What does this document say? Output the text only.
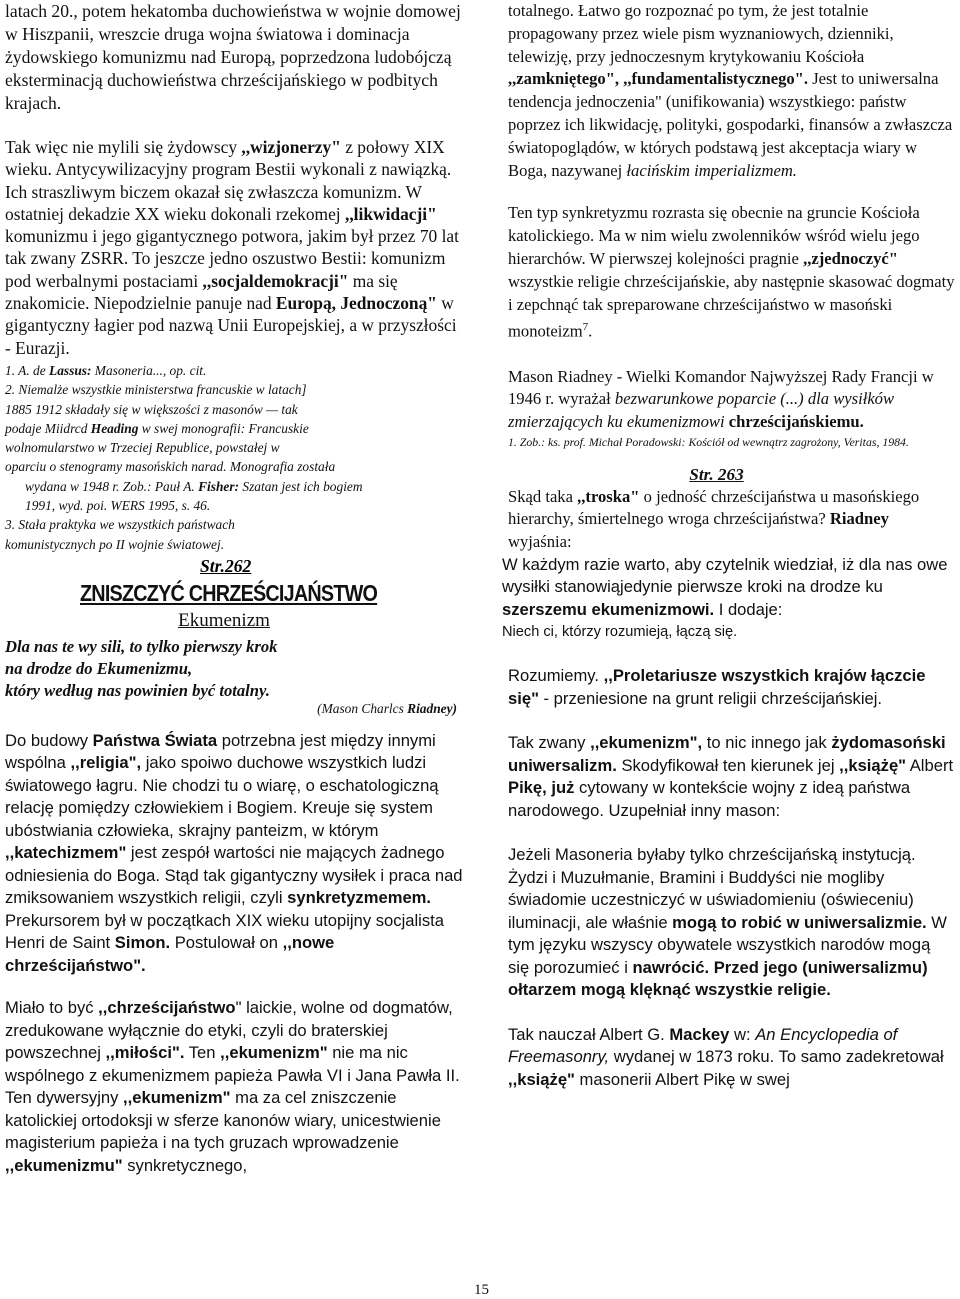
latach 20., potem hekatomba duchowieństwa w wojnie domowej w Hiszpanii, wreszcie druga wojna światowa i dominacja żydowskiego komunizmu nad Europą, poprzedzona ludobójczą eksterminacją duchowieństwa chrześcijańskiego w podbitych krajach.

Tak więc nie mylili się żydowscy ,,wizjonerzy" z połowy XIX wieku. Antycywilizacyjny program Bestii wykonali z nawiązką. Ich straszliwym biczem okazał się zwłaszcza komunizm. W ostatniej dekadzie XX wieku dokonali rzekomej ,,likwidacji" komunizmu i jego gigantycznego potwora, jakim był przez 70 lat tak zwany ZSRR. To jeszcze jedno oszustwo Bestii: komunizm pod werbalnymi postaciami ,,socjaldemokracji" ma się znakomicie. Niepodzielnie panuje nad Europą, Jednoczoną" w gigantyczny łagier pod nazwą Unii Europejskiej, a w przyszłości - Eurazji.

1. A. de Lassus: Masoneria..., op. cit.

2. Niemalże wszystkie ministerstwa francuskie w latach]

1885 1912 składały się w większości z masonów — tak

podaje Miidrcd Heading w swej monografii: Francuskie

wolnomularstwo w Trzeciej Republice, powstałej w

oparciu o stenogramy masońskich narad. Monografia została

wydana w 1948 r. Zob.: Pauł A. Fisher: Szatan jest ich bogiem

1991, wyd. poi. WERS 1995, s. 46.

3. Stała praktyka we wszystkich państwach

komunistycznych po II wojnie światowej.

Str.262

ZNISZCZYĆ CHRZEŚCIJAŃSTWO

Ekumenizm

Dla nas te wy sili, to tylko pierwszy krok

na drodze do Ekumenizmu,

który według nas powinien być totalny.

(Mason Charlcs Riadney)

Do budowy Państwa Świata potrzebna jest między innymi wspólna ,,religia", jako spoiwo duchowe wszystkich ludzi światowego łagru. Nie chodzi tu o wiarę, o eschatologiczną relację pomiędzy człowiekiem i Bogiem. Kreuje się system ubóstwiania człowieka, skrajny panteizm, w którym ,,katechizmem" jest zespół wartości nie mających żadnego odniesienia do Boga. Stąd tak gigantyczny wysiłek i praca nad zmiksowaniem wszystkich religii, czyli synkretyzmemem. Prekursorem był w początkach XIX wieku utopijny socjalista Henri de Saint Simon. Postulował on ,,nowe chrześcijaństwo".

Miało to być ,,chrześcijaństwo" laickie, wolne od dogmatów, zredukowane wyłącznie do etyki, czyli do braterskiej powszechnej ,,miłości". Ten ,,ekumenizm" nie ma nic wspólnego z ekumenizmem papieża Pawła VI i Jana Pawła II. Ten dywersyjny ,,ekumenizm" ma za cel zniszczenie katolickiej ortodoksji w sferze kanonów wiary, unicestwienie magisterium papieża i na tych gruzach wprowadzenie ,,ekumenizmu" synkretycznego,

totalnego. Łatwo go rozpoznać po tym, że jest totalnie propagowany przez wiele pism wyznaniowych, dzienniki, telewizję, przy jednoczesnym krytykowaniu Kościoła ,,zamkniętego", ,,fundamentalistycznego". Jest to uniwersalna tendencja jednoczenia" (unifikowania) wszystkiego: państw poprzez ich likwidację, polityki, gospodarki, finansów a zwłaszcza światopoglądów, w których podstawą jest akceptacja wiary w Boga, nazywanej łacińskim imperializmem.

Ten typ synkretyzmu rozrasta się obecnie na gruncie Kościoła katolickiego. Ma w nim wielu zwolenników wśród wielu jego hierarchów. W pierwszej kolejności pragnie ,,zjednoczyć" wszystkie religie chrześcijańskie, aby następnie skasować dogmaty i zepchnąć tak spreparowane chrześcijaństwo w masoński monoteizm$^7$.

Mason Riadney - Wielki Komandor Najwyższej Rady Francji w 1946 r. wyrażał bezwarunkowe poparcie (...) dla wysiłków zmierzających ku ekumenizmowi chrześcijańskiemu.

1. Zob.: ks. prof. Michał Poradowski: Kościół od wewnątrz zagrożony, Veritas, 1984.

Str. 263

Skąd taka ,,troska" o jedność chrześcijaństwa u masońskiego hierarchy, śmiertelnego wroga chrześcijaństwa? Riadney wyjaśnia:

W każdym razie warto, aby czytelnik wiedział, iż dla nas owe wysiłki stanowiąjedynie pierwsze kroki na drodze ku szerszemu ekumenizmowi. I dodaje:

Niech ci, którzy rozumieją, łączą się.

Rozumiemy. ,,Proletariusze wszystkich krajów łączcie się" - przeniesione na grunt religii chrześcijańskiej.

Tak zwany ,,ekumenizm", to nic innego jak żydomasoński uniwersalizm. Skodyfikował ten kierunek jej ,,książę" Albert Pikę, już cytowany w kontekście wojny z ideą państwa narodowego. Uzupełniał inny mason:

Jeżeli Masoneria byłaby tylko chrześcijańską instytucją. Żydzi i Muzułmanie, Bramini i Buddyści nie mogliby świadomie uczestniczyć w uświadomieniu (oświeceniu) iluminacji, ale właśnie mogą to robić w uniwersalizmie. W tym języku wszyscy obywatele wszystkich narodów mogą się porozumieć i nawrócić. Przed jego (uniwersalizmu) ołtarzem mogą klęknąć wszystkie religie.

Tak nauczał Albert G. Mackey w: An Encyclopedia of Freemasonry, wydanej w 1873 roku. To samo zadekretował ,,książę" masonerii Albert Pikę w swej

15
